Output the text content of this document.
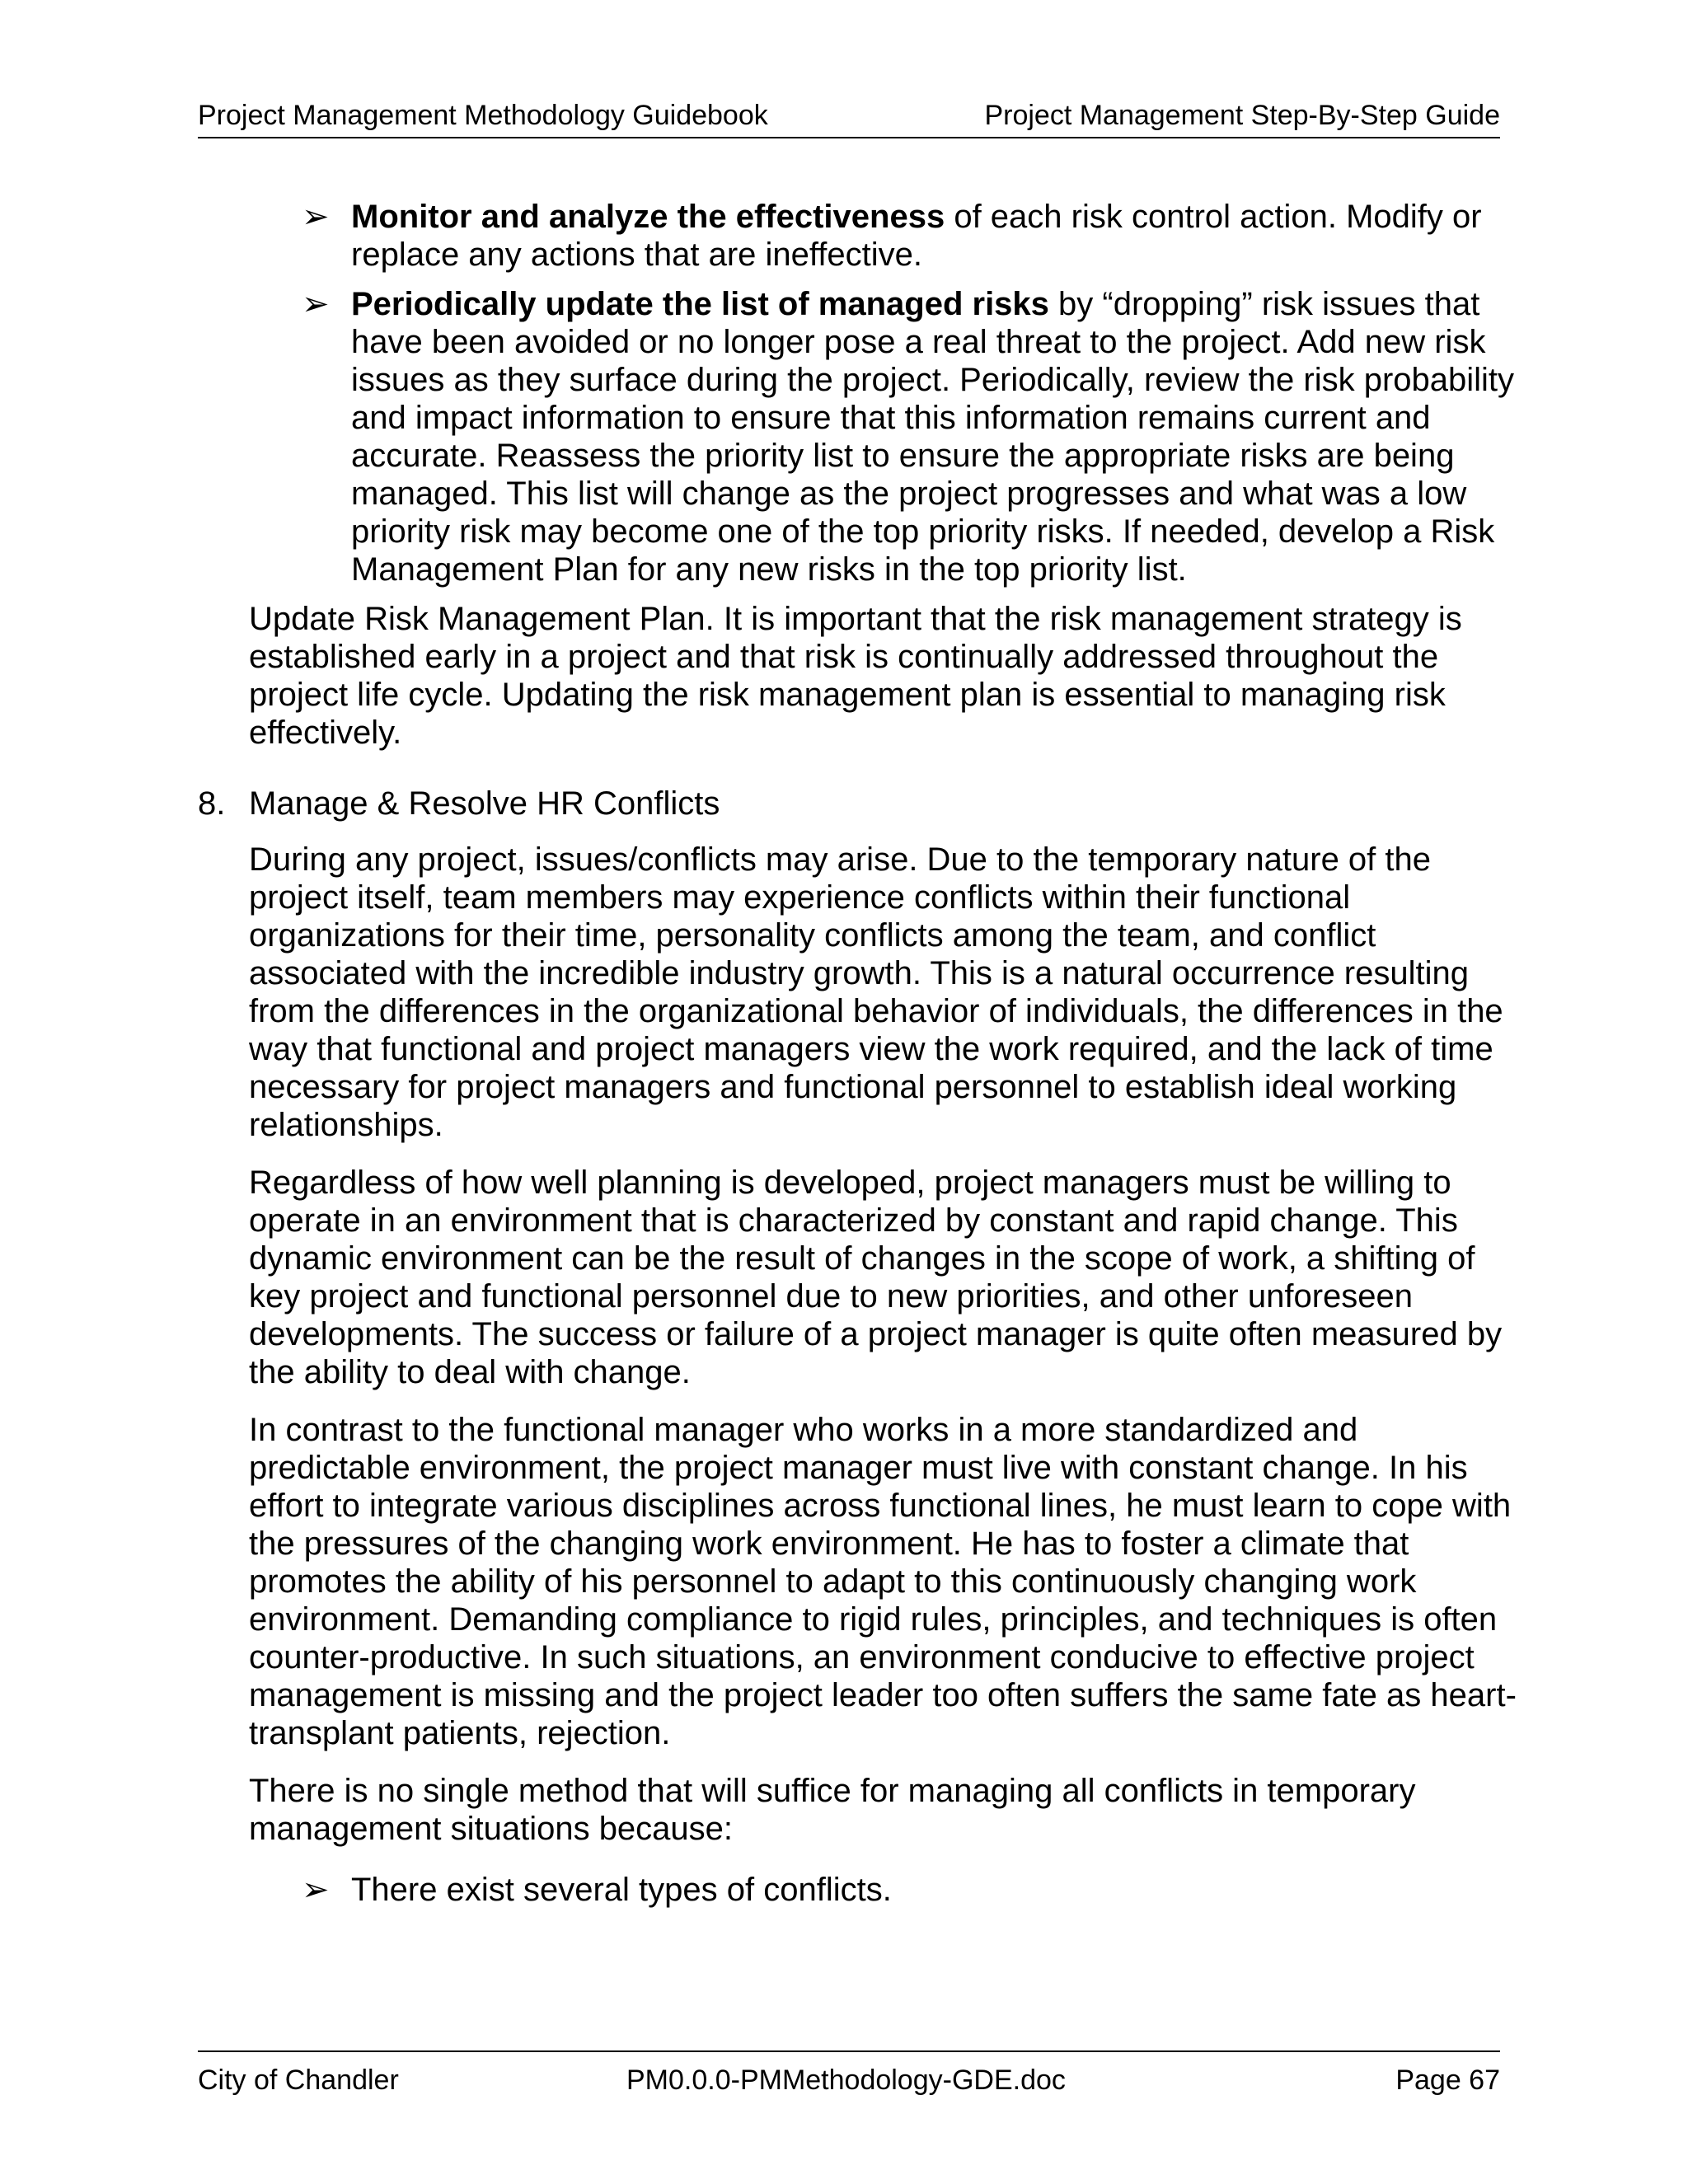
Project Management Methodology Guidebook	Project Management Step-By-Step Guide
➢ Monitor and analyze the effectiveness of each risk control action. Modify or replace any actions that are ineffective.
➢ Periodically update the list of managed risks by “dropping” risk issues that have been avoided or no longer pose a real threat to the project. Add new risk issues as they surface during the project. Periodically, review the risk probability and impact information to ensure that this information remains current and accurate. Reassess the priority list to ensure the appropriate risks are being managed. This list will change as the project progresses and what was a low priority risk may become one of the top priority risks. If needed, develop a Risk Management Plan for any new risks in the top priority list.
Update Risk Management Plan. It is important that the risk management strategy is established early in a project and that risk is continually addressed throughout the project life cycle. Updating the risk management plan is essential to managing risk effectively.
8. Manage & Resolve HR Conflicts
During any project, issues/conflicts may arise. Due to the temporary nature of the project itself, team members may experience conflicts within their functional organizations for their time, personality conflicts among the team, and conflict associated with the incredible industry growth. This is a natural occurrence resulting from the differences in the organizational behavior of individuals, the differences in the way that functional and project managers view the work required, and the lack of time necessary for project managers and functional personnel to establish ideal working relationships.
Regardless of how well planning is developed, project managers must be willing to operate in an environment that is characterized by constant and rapid change. This dynamic environment can be the result of changes in the scope of work, a shifting of key project and functional personnel due to new priorities, and other unforeseen developments. The success or failure of a project manager is quite often measured by the ability to deal with change.
In contrast to the functional manager who works in a more standardized and predictable environment, the project manager must live with constant change. In his effort to integrate various disciplines across functional lines, he must learn to cope with the pressures of the changing work environment. He has to foster a climate that promotes the ability of his personnel to adapt to this continuously changing work environment. Demanding compliance to rigid rules, principles, and techniques is often counter-productive. In such situations, an environment conducive to effective project management is missing and the project leader too often suffers the same fate as heart-transplant patients, rejection.
There is no single method that will suffice for managing all conflicts in temporary management situations because:
➢ There exist several types of conflicts.
City of Chandler	PM0.0.0-PMMethodology-GDE.doc	Page 67
